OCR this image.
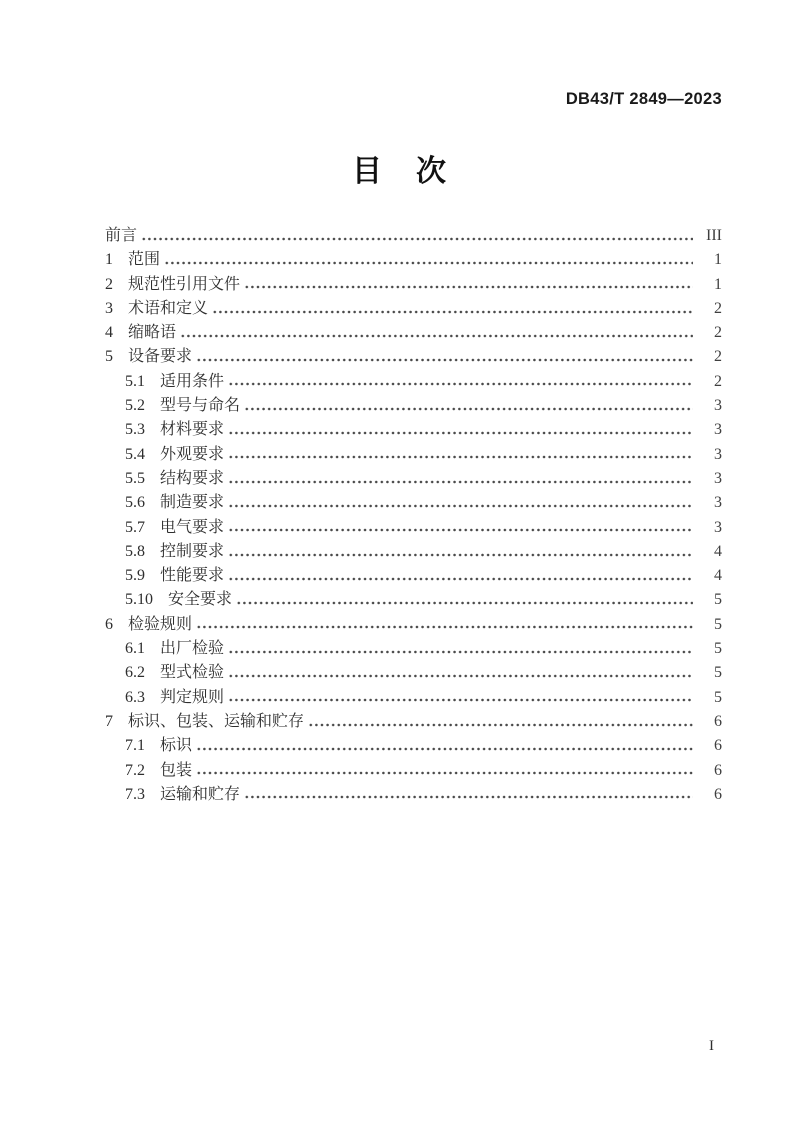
DB43/T 2849—2023
目　次
前言	III
1 范围	1
2 规范性引用文件	1
3 术语和定义	2
4 缩略语	2
5 设备要求	2
5.1 适用条件	2
5.2 型号与命名	3
5.3 材料要求	3
5.4 外观要求	3
5.5 结构要求	3
5.6 制造要求	3
5.7 电气要求	3
5.8 控制要求	4
5.9 性能要求	4
5.10 安全要求	5
6 检验规则	5
6.1 出厂检验	5
6.2 型式检验	5
6.3 判定规则	5
7 标识、包装、运输和贮存	6
7.1 标识	6
7.2 包装	6
7.3 运输和贮存	6
I
